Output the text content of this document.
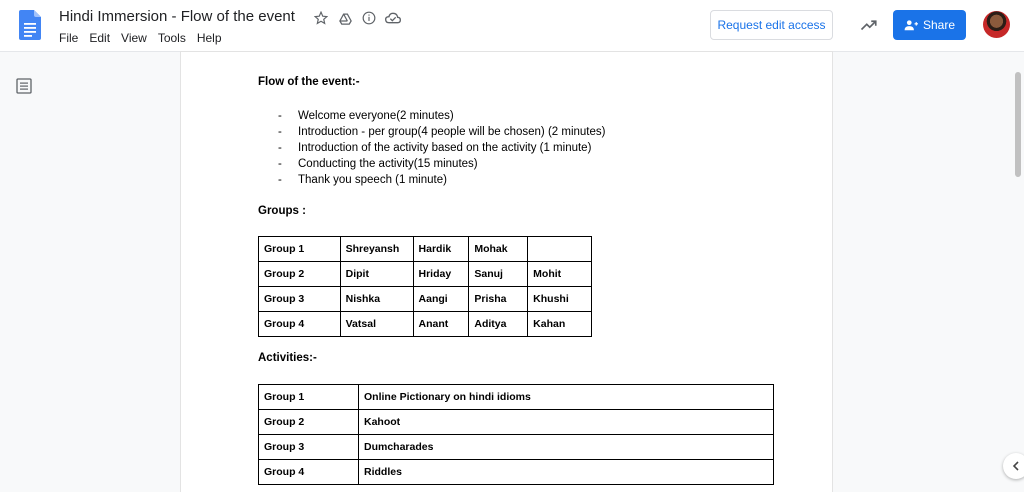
Hindi Immersion - Flow of the event
File Edit View Tools Help
Request edit access	Share
Flow of the event:-
- Welcome everyone(2 minutes)
- Introduction - per group(4 people will be chosen) (2 minutes)
- Introduction of the activity based on the activity (1 minute)
- Conducting the activity(15 minutes)
- Thank you speech (1 minute)
Groups :
Group 1	Shreyansh	Hardik	Mohak	
Group 2	Dipit	Hriday	Sanuj	Mohit
Group 3	Nishka	Aangi	Prisha	Khushi
Group 4	Vatsal	Anant	Aditya	Kahan
Activities:-
Group 1	Online Pictionary on hindi idioms
Group 2	Kahoot
Group 3	Dumcharades
Group 4	Riddles
